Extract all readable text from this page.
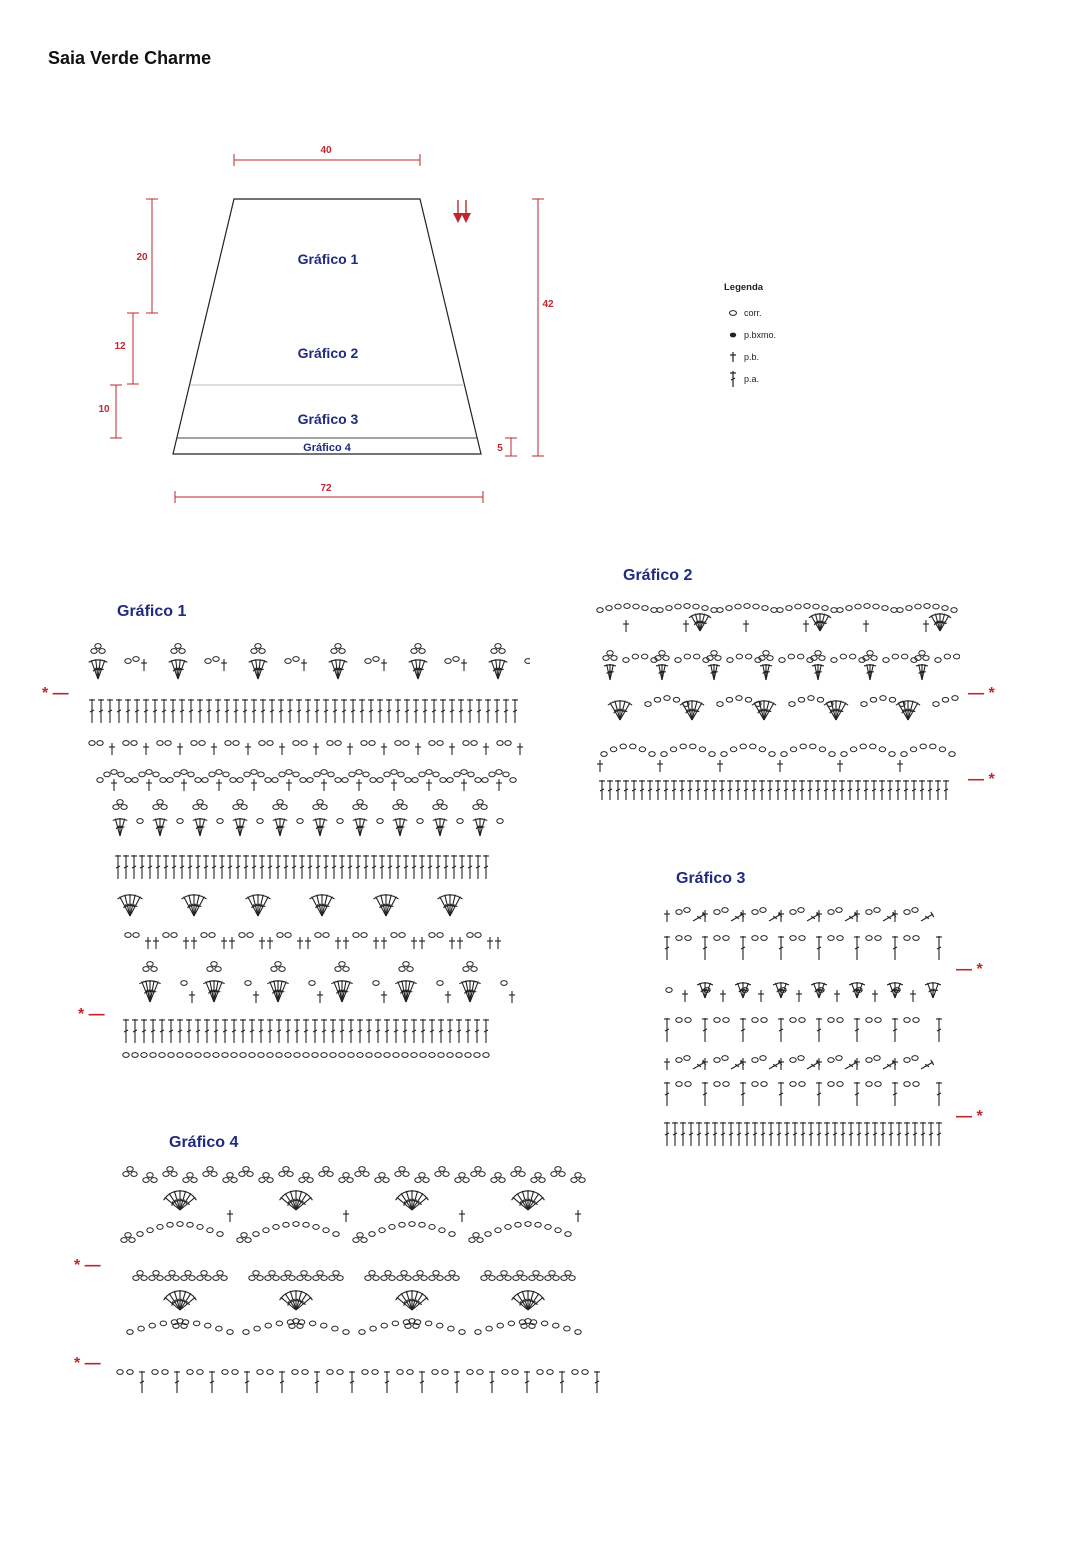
Saia Verde Charme
40
72
42
20
12
10
5
Gráfico 1
Gráfico 2
Gráfico 3
Gráfico 4
Legenda
corr.
p.bxmo.
p.b.
p.a.
Gráfico 1
Gráfico 2
Gráfico 3
Gráfico 4
* —
* —
— *
— *
— *
— *
* —
* —
